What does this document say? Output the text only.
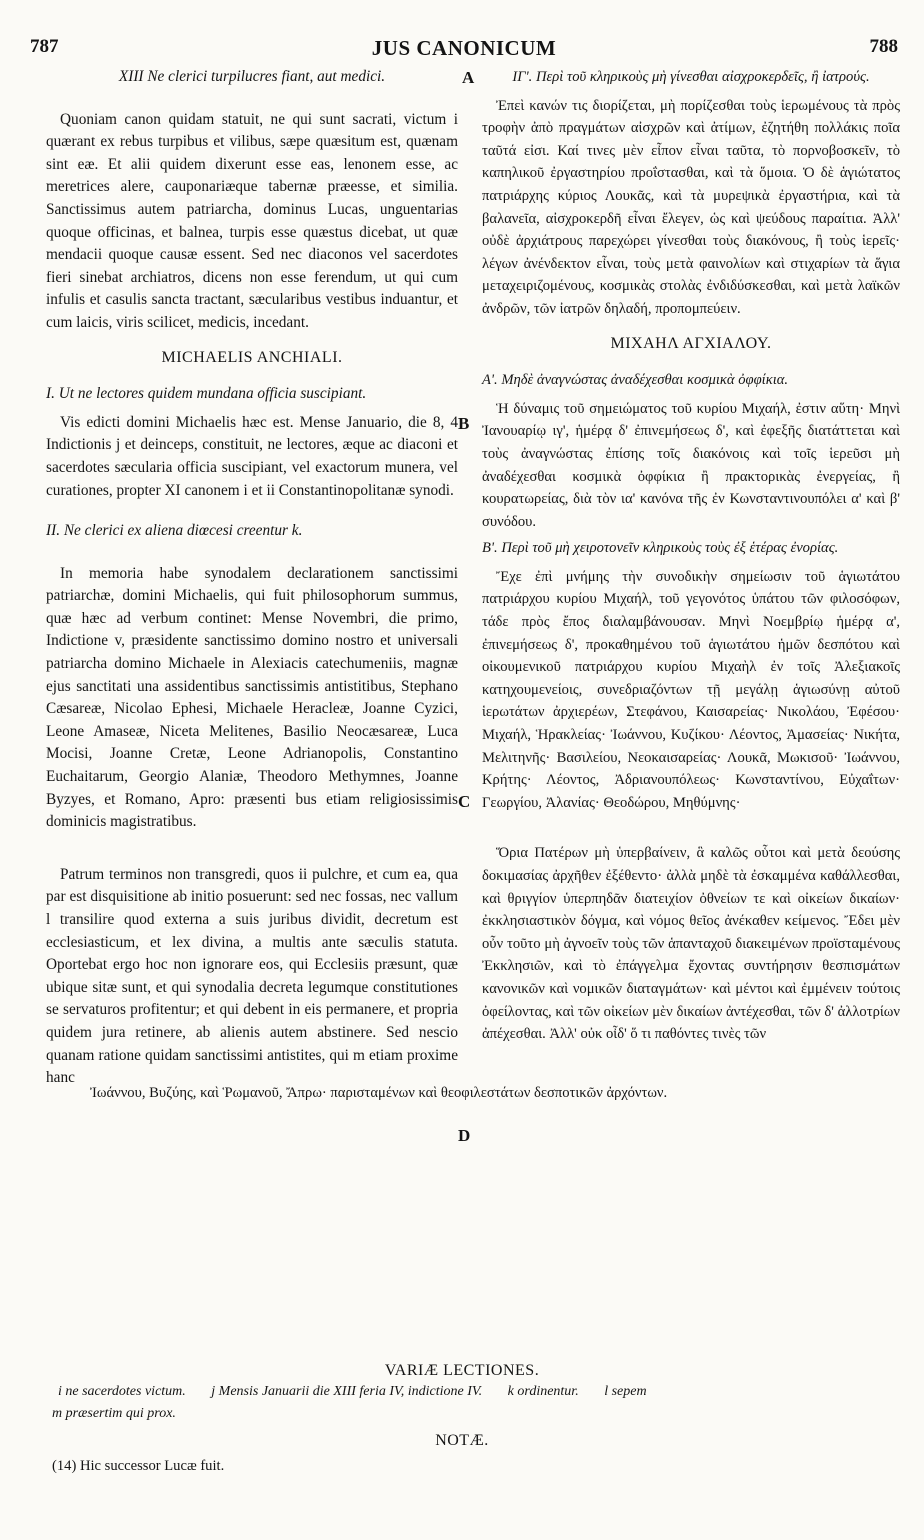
787	JUS CANONICUM	788
XIII Ne clerici turpilucres fiant, aut medici.

Quoniam canon quidam statuit, ne qui sunt sacrati, victum i quærant ex rebus turpibus et vilibus, sæpe quæsitum est, quænam sint eæ. Et alii quidem dixerunt esse eas, lenonem esse, ac meretrices alere, cauponariæque tabernæ præesse, et similia. Sanctissimus autem patriarcha, dominus Lucas, unguentarias quoque officinas, et balnea, turpis esse quæstus dicebat, ut quæ mendacii quoque causæ essent. Sed nec diaconos vel sacerdotes fieri sinebat archiatros, dicens non esse ferendum, ut qui cum infulis et casulis sancta tractant, sæcularibus vestibus induantur, et cum laicis, viris scilicet, medicis, incedant.

MICHAELIS ANCHIALI.
I. Ut ne lectores quidem mundana officia suscipiant.

Vis edicti domini Michaelis hæc est. Mense Januario, die 8, 4 Indictionis j et deinceps, constituit, ne lectores, æque ac diaconi et sacerdotes sæcularia officia suscipiant, vel exactorum munera, vel curationes, propter XI canonem i et ii Constantinopolitanæ synodi.

II. Ne clerici ex aliena diœcesi creentur k.

In memoria habe synodalem declarationem sanctissimi patriarchæ, domini Michaelis, qui fuit philosophorum summus, quæ hæc ad verbum continet: Mense Novembri, die primo, Indictione v, præsidente sanctissimo domino nostro et universali patriarcha domino Michaele in Alexiacis catechumeniis, magnæ ejus sanctitati una assidentibus sanctissimis antistitibus, Stephano Cæsareæ, Nicolao Ephesi, Michaele Heracleæ, Joanne Cyzici, Leone Amaseæ, Niceta Melitenes, Basilio Neocæsareæ, Luca Mocisi, Joanne Cretæ, Leone Adrianopolis, Constantino Euchaitarum, Georgio Alaniæ, Theodoro Methymnes, Joanne Byzyes, et Romano, Apro: præsenti bus etiam religiosissimis dominicis magistratibus.

Patrum terminos non transgredi, quos ii pulchre, et cum ea, qua par est disquisitione ab initio posuerunt: sed nec fossas, nec vallum l transilire quod externa a suis juribus dividit, decretum est ecclesiasticum, et lex divina, a multis ante sæculis statuta. Oportebat ergo hoc non ignorare eos, qui Ecclesiis præsunt, quæ ubique sitæ sunt, et qui synodalia decreta legumque constitutiones se servaturos profitentur; et qui debent in eis permanere, et propria quidem jura retinere, ab alienis autem abstinere. Sed nescio quanam ratione quidam sanctissimi antistites, qui m etiam proxime hanc

ΙΓ'. Περὶ τοῦ κληρικοὺς μὴ γίνεσθαι αἰσχροκερδεῖς, ἢ ἰατρούς.

Ἐπεὶ κανών τις διορίζεται, μὴ πορίζεσθαι τοὺς ἱερωμένους τὰ πρὸς τροφὴν ἀπὸ πραγμάτων αἰσχρῶν καὶ ἀτίμων, ἐζητήθη πολλάκις ποῖα ταῦτά εἰσι. Καί τινες μὲν εἶπον εἶναι ταῦτα, τὸ πορνοβοσκεῖν, τὸ καπηλικοῦ ἐργαστηρίου προΐστασθαι, καὶ τὰ ὅμοια. Ὁ δὲ ἁγιώτατος πατριάρχης κύριος Λουκᾶς, καὶ τὰ μυρεψικὰ ἐργαστήρια, καὶ τὰ βαλανεῖα, αἰσχροκερδῆ εἶναι ἔλεγεν, ὡς καὶ ψεύδους παραίτια. Ἀλλ' οὐδὲ ἀρχιάτρους παρεχώρει γίνεσθαι τοὺς διακόνους, ἢ τοὺς ἱερεῖς· λέγων ἀνένδεκτον εἶναι, τοὺς μετὰ φαινολίων καὶ στιχαρίων τὰ ἅγια μεταχειριζομένους, κοσμικὰς στολὰς ἐνδιδύσκεσθαι, καὶ μετὰ λαϊκῶν ἀνδρῶν, τῶν ἰατρῶν δηλαδή, προπομπεύειν.

ΜΙΧΑΗΛ ΑΓΧΙΑΛΟΥ.
Α'. Μηδὲ ἀναγνώστας ἀναδέχεσθαι κοσμικὰ ὀφφίκια.

Ἡ δύναμις τοῦ σημειώματος τοῦ κυρίου Μιχαήλ, ἐστιν αὕτη· Μηνὶ Ἰανουαρίῳ ιγ', ἡμέρᾳ δ' ἐπινεμήσεως δ', καὶ ἐφεξῆς διατάττεται καὶ τοὺς ἀναγνώστας ἐπίσης τοῖς διακόνοις καὶ τοῖς ἱερεῦσι μὴ ἀναδέχεσθαι κοσμικὰ ὀφφίκια ἢ πρακτορικὰς ἐνεργείας, ἢ κουρατωρείας, διὰ τὸν ια' κανόνα τῆς ἐν Κωνσταντινουπόλει α' καὶ β' συνόδου.

Β'. Περὶ τοῦ μὴ χειροτονεῖν κληρικοὺς τοὺς ἐξ ἑτέρας ἐνορίας.

Ἔχε ἐπὶ μνήμης τὴν συνοδικὴν σημείωσιν τοῦ ἁγιωτάτου πατριάρχου κυρίου Μιχαήλ, τοῦ γεγονότος ὑπάτου τῶν φιλοσόφων, τάδε πρὸς ἔπος διαλαμβάνουσαν. Μηνὶ Νοεμβρίῳ ἡμέρᾳ α', ἐπινεμήσεως δ', προκαθημένου τοῦ ἁγιωτάτου ἡμῶν δεσπότου καὶ οἰκουμενικοῦ πατριάρχου κυρίου Μιχαὴλ ἐν τοῖς Ἀλεξιακοῖς κατηχουμενείοις, συνεδριαζόντων τῇ μεγάλῃ ἁγιωσύνῃ αὐτοῦ ἱερωτάτων ἀρχιερέων, Στεφάνου, Καισαρείας· Νικολάου, Ἐφέσου· Μιχαήλ, Ἡρακλείας· Ἰωάννου, Κυζίκου· Λέοντος, Ἀμασείας· Νικήτα, Μελιτηνῆς· Βασιλείου, Νεοκαισαρείας· Λουκᾶ, Μωκισοῦ· Ἰωάννου, Κρήτης· Λέοντος, Ἀδριανουπόλεως· Κωνσταντίνου, Εὐχαΐτων· Γεωργίου, Ἀλανίας· Θεοδώρου, Μηθύμνης·

Ὅρια Πατέρων μὴ ὑπερβαίνειν, ἃ καλῶς οὗτοι καὶ μετὰ δεούσης δοκιμασίας ἀρχῆθεν ἐξέθεντο· ἀλλὰ μηδὲ τὰ ἐσκαμμένα καθάλλεσθαι, καὶ θριγγίον ὑπερπηδᾶν διατειχίον ὀθνείων τε καὶ οἰκείων δικαίων· ἐκκλησιαστικὸν δόγμα, καὶ νόμος θεῖος ἀνέκαθεν κείμενος. Ἔδει μὲν οὖν τοῦτο μὴ ἀγνοεῖν τοὺς τῶν ἁπανταχοῦ διακειμένων προϊσταμένους Ἐκκλησιῶν, καὶ τὸ ἐπάγγελμα ἔχοντας συντήρησιν θεσπισμάτων κανονικῶν καὶ νομικῶν διαταγμάτων· καὶ μέντοι καὶ ἐμμένειν τούτοις ὀφείλοντας, καὶ τῶν οἰκείων μὲν δικαίων ἀντέχεσθαι, τῶν δ' ἀλλοτρίων ἀπέχεσθαι. Ἀλλ' οὐκ οἶδ' ὅ τι παθόντες τινὲς τῶν

A
B
C
D
Ἰωάννου, Βυζύης, καὶ Ῥωμανοῦ, Ἄπρω· παρισταμένων καὶ θεοφιλεστάτων δεσποτικῶν ἀρχόντων.
VARIÆ LECTIONES.
i ne sacerdotes victum. j Mensis Januarii die XIII feria IV, indictione IV. k ordinentur. l sepem
m præsertim qui prox.
NOTÆ.
(14) Hic successor Lucæ fuit.
